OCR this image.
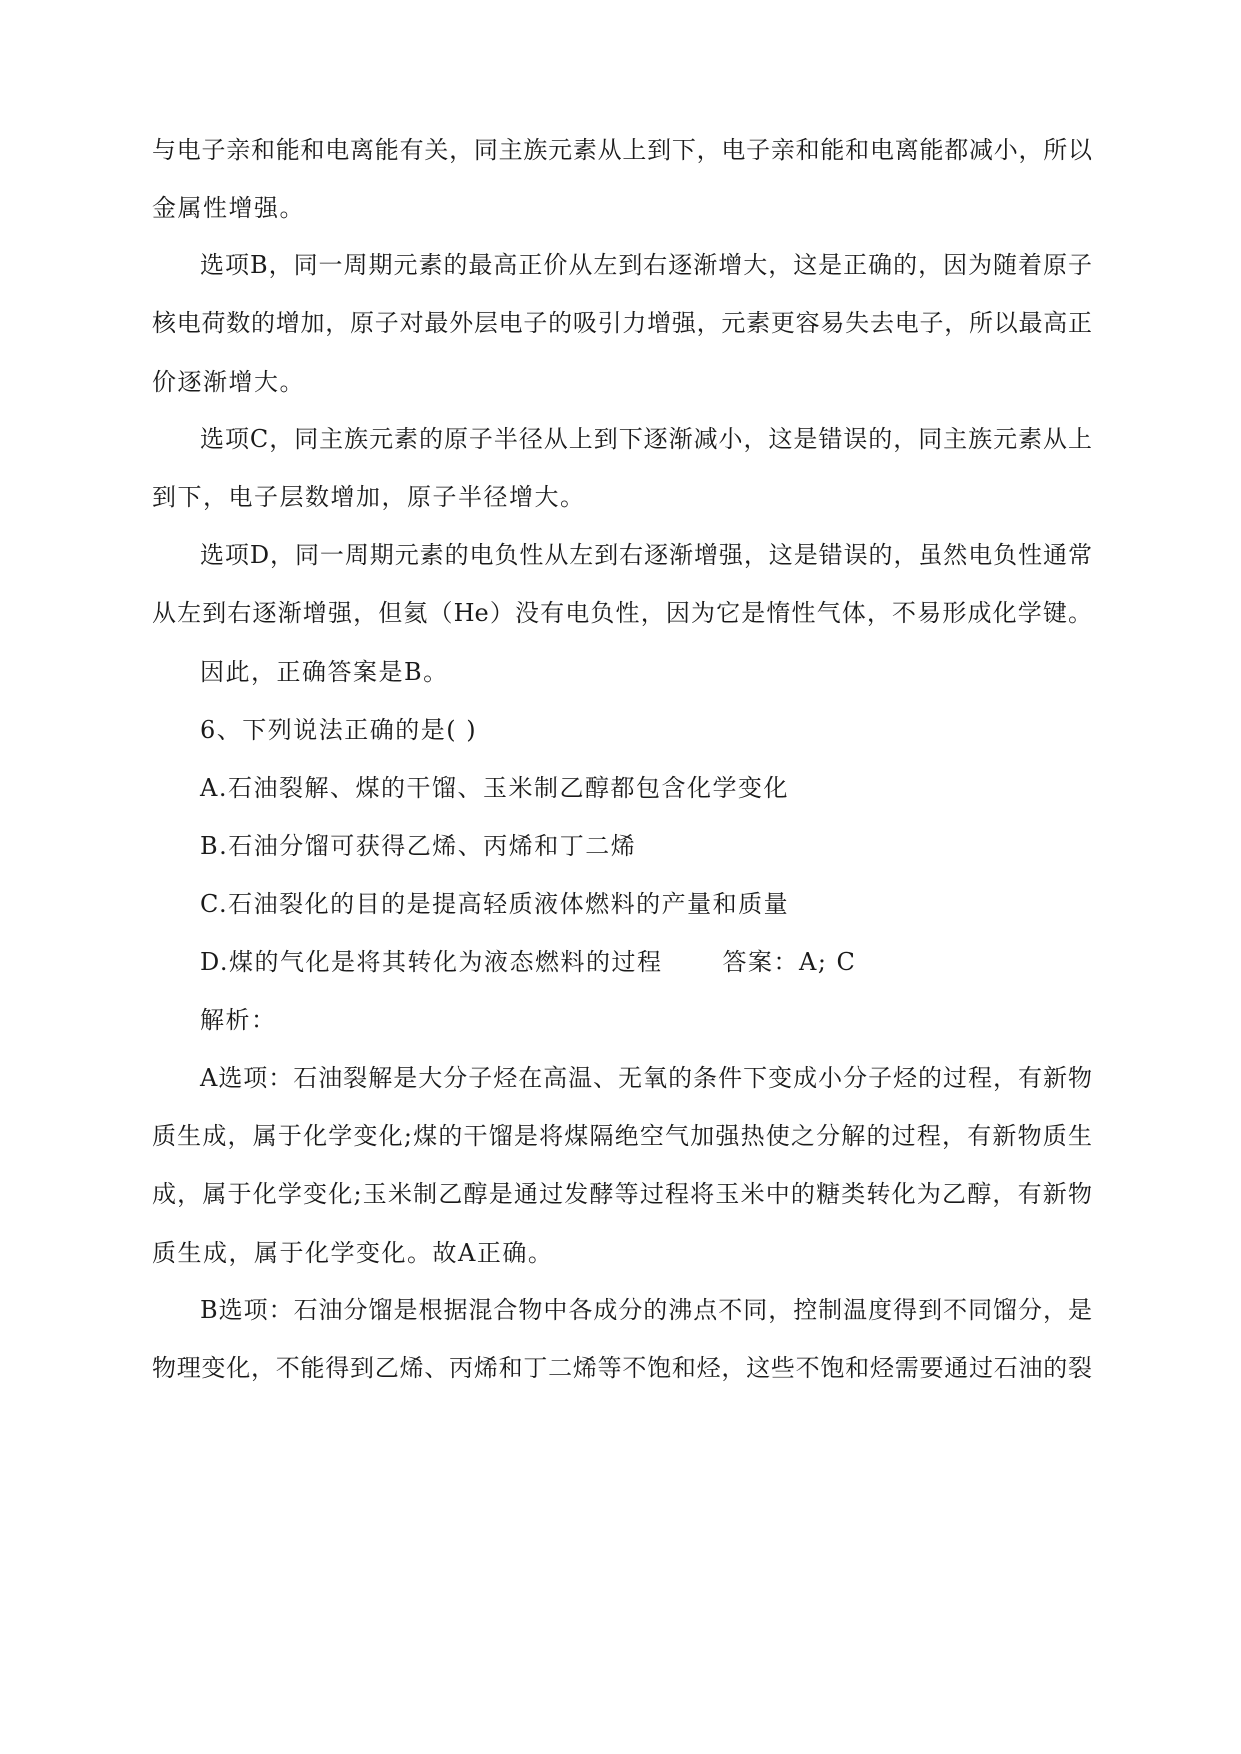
与电子亲和能和电离能有关，同主族元素从上到下，电子亲和能和电离能都减小，所以
金属性增强。
选项B，同一周期元素的最高正价从左到右逐渐增大，这是正确的，因为随着原子
核电荷数的增加，原子对最外层电子的吸引力增强，元素更容易失去电子，所以最高正
价逐渐增大。
选项C，同主族元素的原子半径从上到下逐渐减小，这是错误的，同主族元素从上
到下，电子层数增加，原子半径增大。
选项D，同一周期元素的电负性从左到右逐渐增强，这是错误的，虽然电负性通常
从左到右逐渐增强，但氦（He）没有电负性，因为它是惰性气体，不易形成化学键。
因此，正确答案是B。
6、下列说法正确的是( )
A.石油裂解、煤的干馏、玉米制乙醇都包含化学变化
B.石油分馏可获得乙烯、丙烯和丁二烯
C.石油裂化的目的是提高轻质液体燃料的产量和质量
D.煤的气化是将其转化为液态燃料的过程	答案：A; C
解析：
A选项：石油裂解是大分子烃在高温、无氧的条件下变成小分子烃的过程，有新物
质生成，属于化学变化;煤的干馏是将煤隔绝空气加强热使之分解的过程，有新物质生
成，属于化学变化;玉米制乙醇是通过发酵等过程将玉米中的糖类转化为乙醇，有新物
质生成，属于化学变化。故A正确。
B选项：石油分馏是根据混合物中各成分的沸点不同，控制温度得到不同馏分，是
物理变化，不能得到乙烯、丙烯和丁二烯等不饱和烃，这些不饱和烃需要通过石油的裂
